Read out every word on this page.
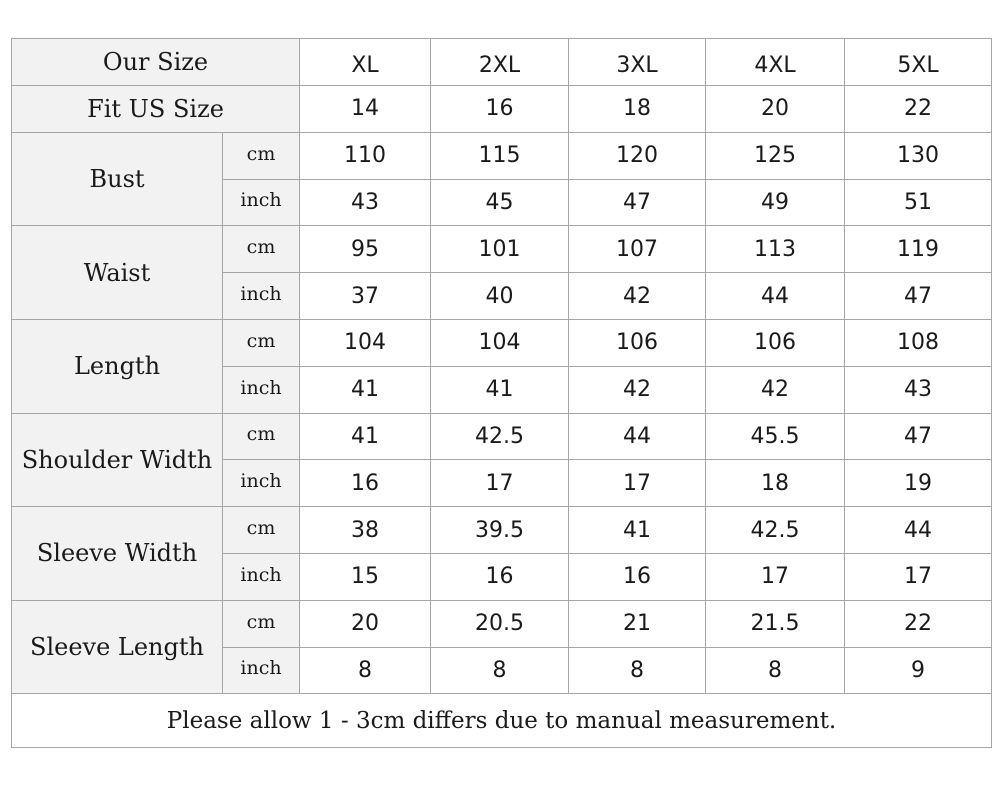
Our Size		XL	2XL	3XL	4XL	5XL
Fit US Size		14	16	18	20	22
Bust	cm	110	115	120	125	130
	inch	43	45	47	49	51
Waist	cm	95	101	107	113	119
	inch	37	40	42	44	47
Length	cm	104	104	106	106	108
	inch	41	41	42	42	43
Shoulder Width	cm	41	42.5	44	45.5	47
	inch	16	17	17	18	19
Sleeve Width	cm	38	39.5	41	42.5	44
	inch	15	16	16	17	17
Sleeve Length	cm	20	20.5	21	21.5	22
	inch	8	8	8	8	9
Please allow 1 - 3cm differs due to manual measurement.						
